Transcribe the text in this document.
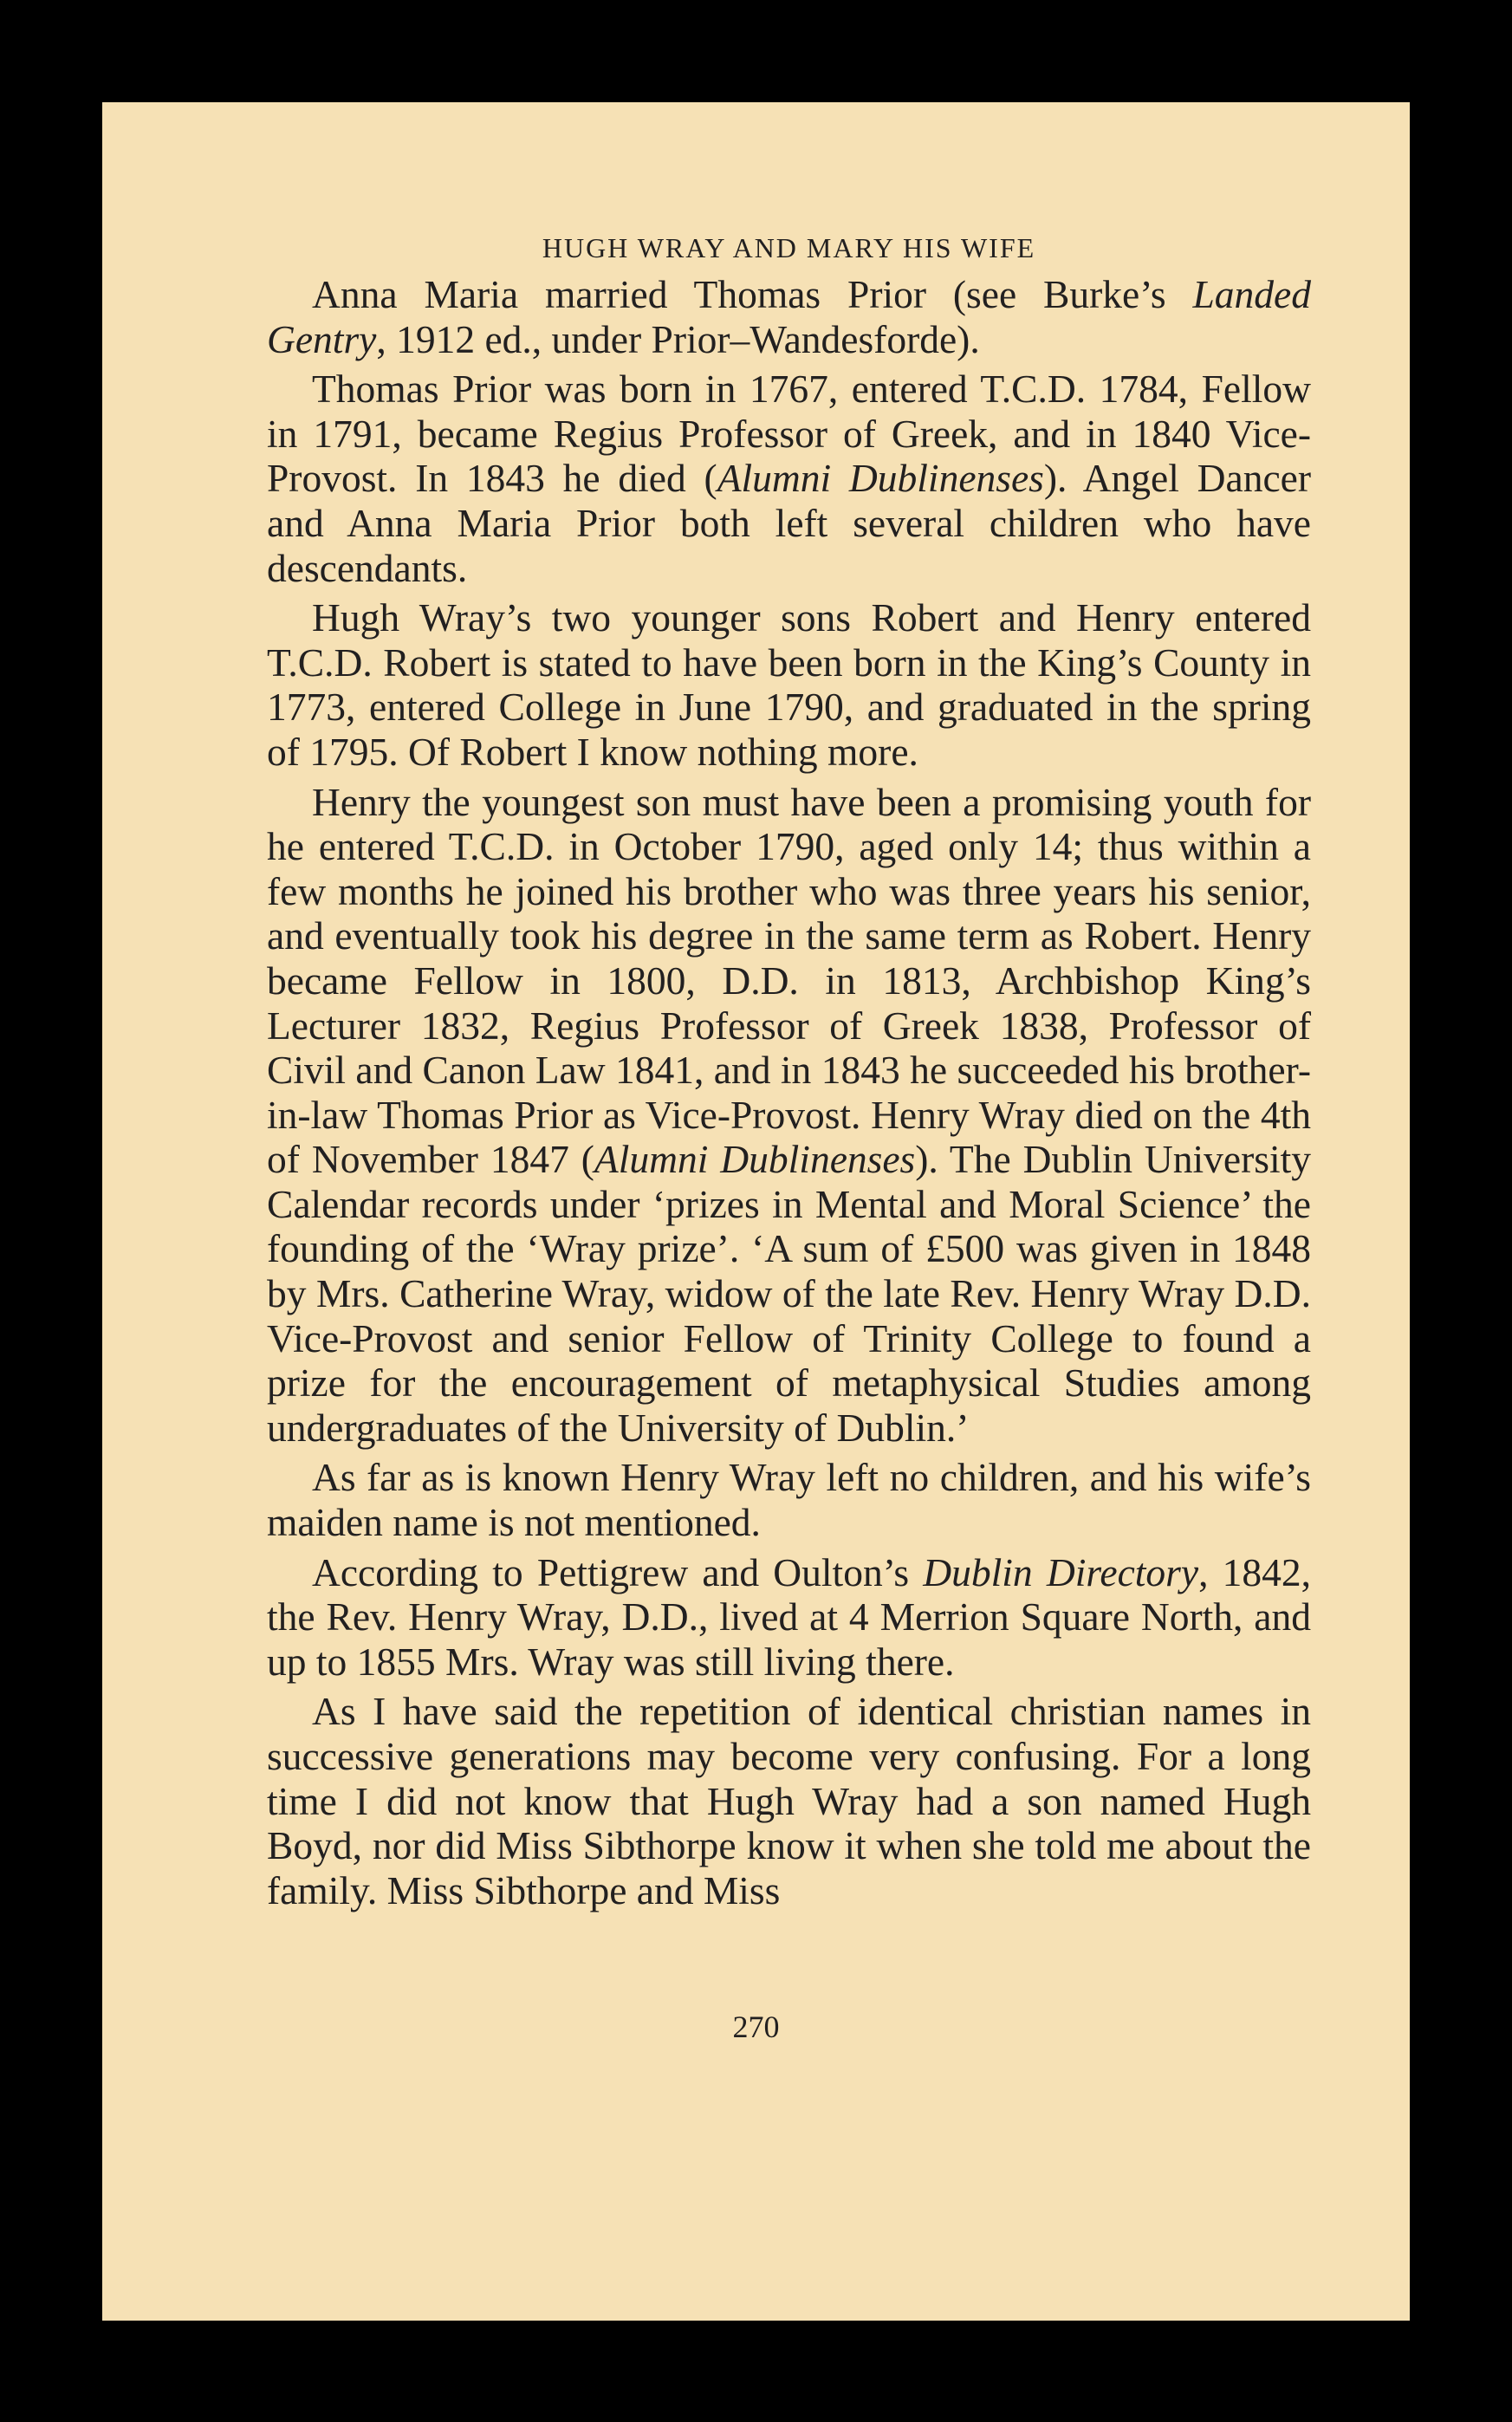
HUGH WRAY AND MARY HIS WIFE

Anna Maria married Thomas Prior (see Burke’s Landed Gentry, 1912 ed., under Prior–Wandesforde).

Thomas Prior was born in 1767, entered T.C.D. 1784, Fellow in 1791, became Regius Professor of Greek, and in 1840 Vice-Provost. In 1843 he died (Alumni Dublinenses). Angel Dancer and Anna Maria Prior both left several children who have descendants.

Hugh Wray’s two younger sons Robert and Henry entered T.C.D. Robert is stated to have been born in the King’s County in 1773, entered College in June 1790, and graduated in the spring of 1795. Of Robert I know nothing more.

Henry the youngest son must have been a promising youth for he entered T.C.D. in October 1790, aged only 14; thus within a few months he joined his brother who was three years his senior, and eventually took his degree in the same term as Robert. Henry became Fellow in 1800, D.D. in 1813, Archbishop King’s Lecturer 1832, Regius Professor of Greek 1838, Professor of Civil and Canon Law 1841, and in 1843 he succeeded his brother-in-law Thomas Prior as Vice-Provost. Henry Wray died on the 4th of November 1847 (Alumni Dublinenses). The Dublin University Calendar records under ‘prizes in Mental and Moral Science’ the founding of the ‘Wray prize’. ‘A sum of £500 was given in 1848 by Mrs. Catherine Wray, widow of the late Rev. Henry Wray D.D. Vice-Provost and senior Fellow of Trinity College to found a prize for the encouragement of metaphysical Studies among undergraduates of the University of Dublin.’

As far as is known Henry Wray left no children, and his wife’s maiden name is not mentioned.

According to Pettigrew and Oulton’s Dublin Directory, 1842, the Rev. Henry Wray, D.D., lived at 4 Merrion Square North, and up to 1855 Mrs. Wray was still living there.

As I have said the repetition of identical christian names in successive generations may become very confusing. For a long time I did not know that Hugh Wray had a son named Hugh Boyd, nor did Miss Sibthorpe know it when she told me about the family. Miss Sibthorpe and Miss

270
